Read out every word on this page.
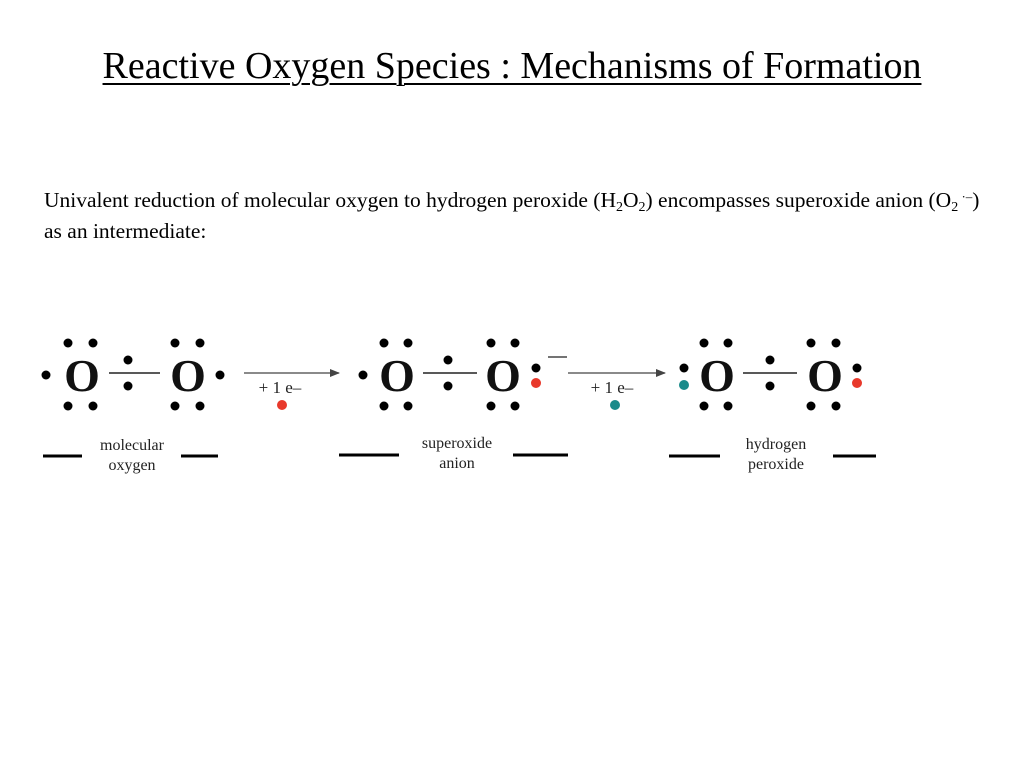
Reactive Oxygen Species : Mechanisms of Formation
Univalent reduction of molecular oxygen to hydrogen peroxide $(H_2O_2)$ encompasses superoxide anion ($O_2$ ·–) as an intermediate:
O O	+ 1 e– O O	+ 1 e– O O
molecular
oxygen
superoxide
anion
hydrogen
peroxide
